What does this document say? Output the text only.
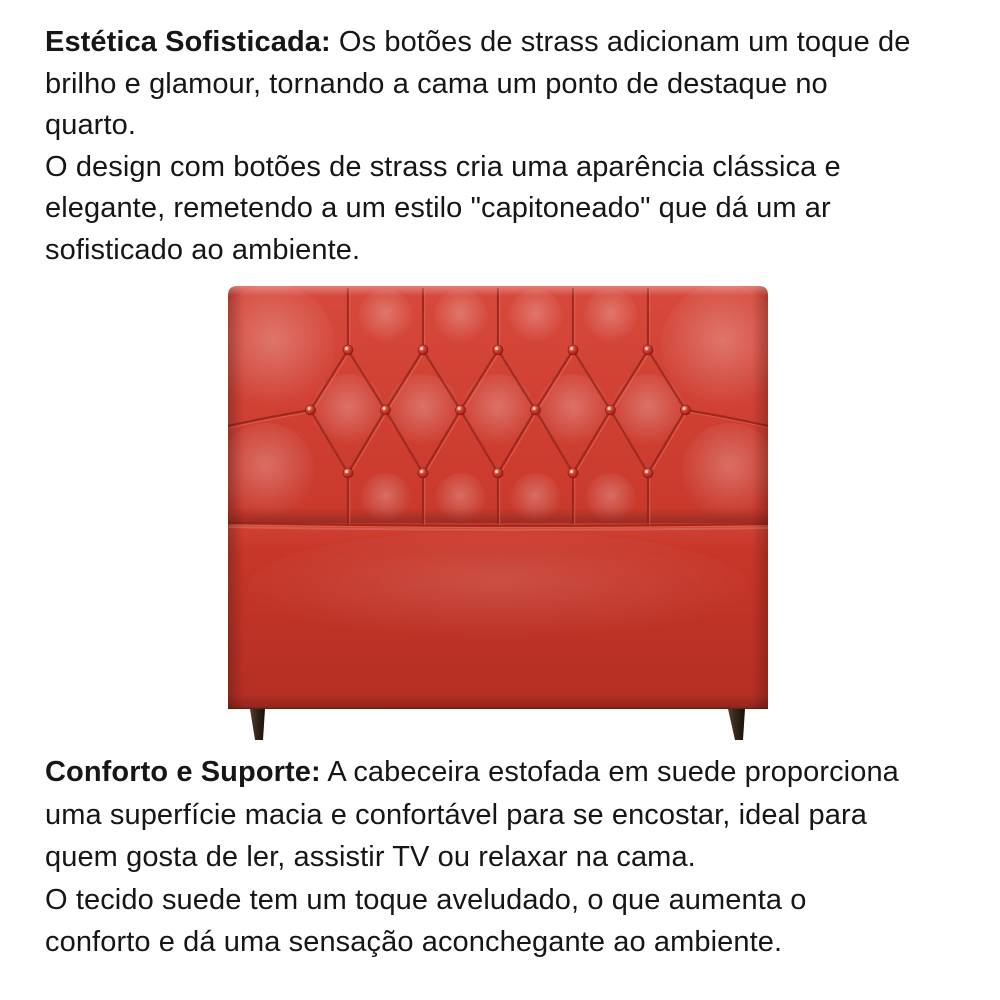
Estética Sofisticada: Os botões de strass adicionam um toque de
brilho e glamour, tornando a cama um ponto de destaque no
quarto.
O design com botões de strass cria uma aparência clássica e
elegante, remetendo a um estilo "capitoneado" que dá um ar
sofisticado ao ambiente.
Conforto e Suporte: A cabeceira estofada em suede proporciona
uma superfície macia e confortável para se encostar, ideal para
quem gosta de ler, assistir TV ou relaxar na cama.
O tecido suede tem um toque aveludado, o que aumenta o
conforto e dá uma sensação aconchegante ao ambiente.
